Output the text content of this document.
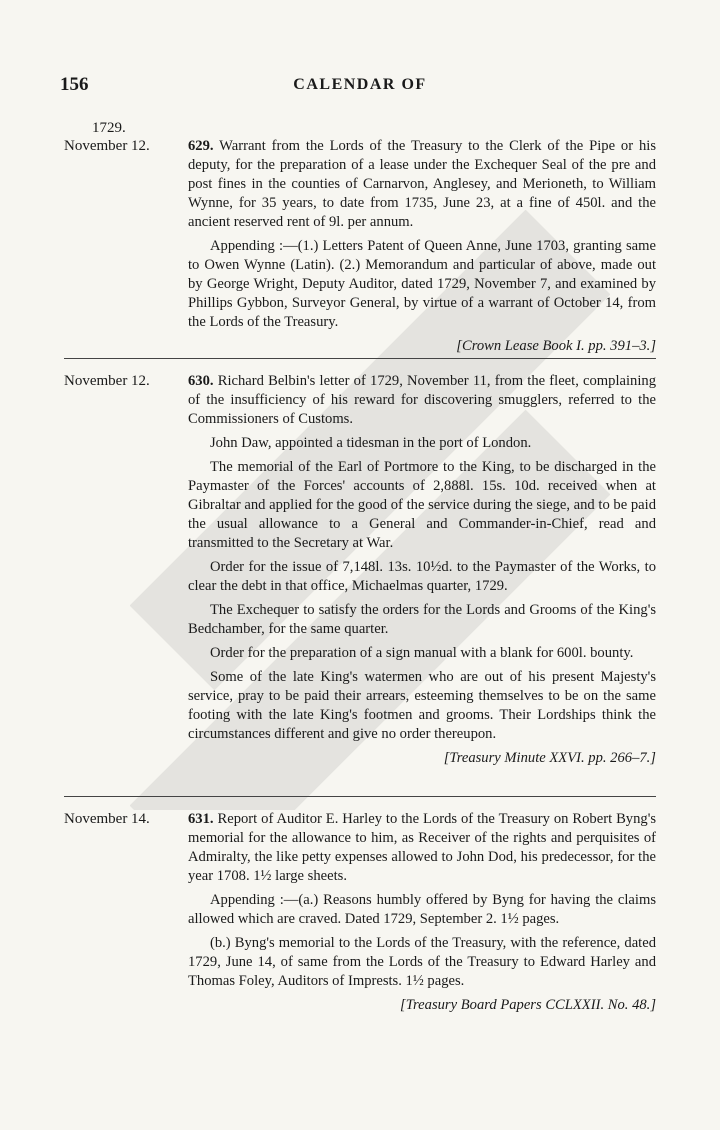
156	CALENDAR OF
1729.
November 12.	629. Warrant from the Lords of the Treasury to the Clerk of the Pipe or his deputy, for the preparation of a lease under the Exchequer Seal of the pre and post fines in the counties of Carnarvon, Anglesey, and Merioneth, to William Wynne, for 35 years, to date from 1735, June 23, at a fine of 450l. and the ancient reserved rent of 9l. per annum.

Appending :—(1.) Letters Patent of Queen Anne, June 1703, granting same to Owen Wynne (Latin). (2.) Memorandum and particular of above, made out by George Wright, Deputy Auditor, dated 1729, November 7, and examined by Phillips Gybbon, Surveyor General, by virtue of a warrant of October 14, from the Lords of the Treasury.

[Crown Lease Book I. pp. 391–3.]
November 12.	630. Richard Belbin's letter of 1729, November 11, from the fleet, complaining of the insufficiency of his reward for discovering smugglers, referred to the Commissioners of Customs.

John Daw, appointed a tidesman in the port of London.

The memorial of the Earl of Portmore to the King, to be discharged in the Paymaster of the Forces' accounts of 2,888l. 15s. 10d. received when at Gibraltar and applied for the good of the service during the siege, and to be paid the usual allowance to a General and Commander-in-Chief, read and transmitted to the Secretary at War.

Order for the issue of 7,148l. 13s. 10½d. to the Paymaster of the Works, to clear the debt in that office, Michaelmas quarter, 1729.

The Exchequer to satisfy the orders for the Lords and Grooms of the King's Bedchamber, for the same quarter.

Order for the preparation of a sign manual with a blank for 600l. bounty.

Some of the late King's watermen who are out of his present Majesty's service, pray to be paid their arrears, esteeming themselves to be on the same footing with the late King's footmen and grooms. Their Lordships think the circumstances different and give no order thereupon.

[Treasury Minute XXVI. pp. 266–7.]
November 14.	631. Report of Auditor E. Harley to the Lords of the Treasury on Robert Byng's memorial for the allowance to him, as Receiver of the rights and perquisites of Admiralty, the like petty expenses allowed to John Dod, his predecessor, for the year 1708. 1½ large sheets.

Appending :—(a.) Reasons humbly offered by Byng for having the claims allowed which are craved. Dated 1729, September 2. 1½ pages.

(b.) Byng's memorial to the Lords of the Treasury, with the reference, dated 1729, June 14, of same from the Lords of the Treasury to Edward Harley and Thomas Foley, Auditors of Imprests. 1½ pages.

[Treasury Board Papers CCLXXII. No. 48.]
